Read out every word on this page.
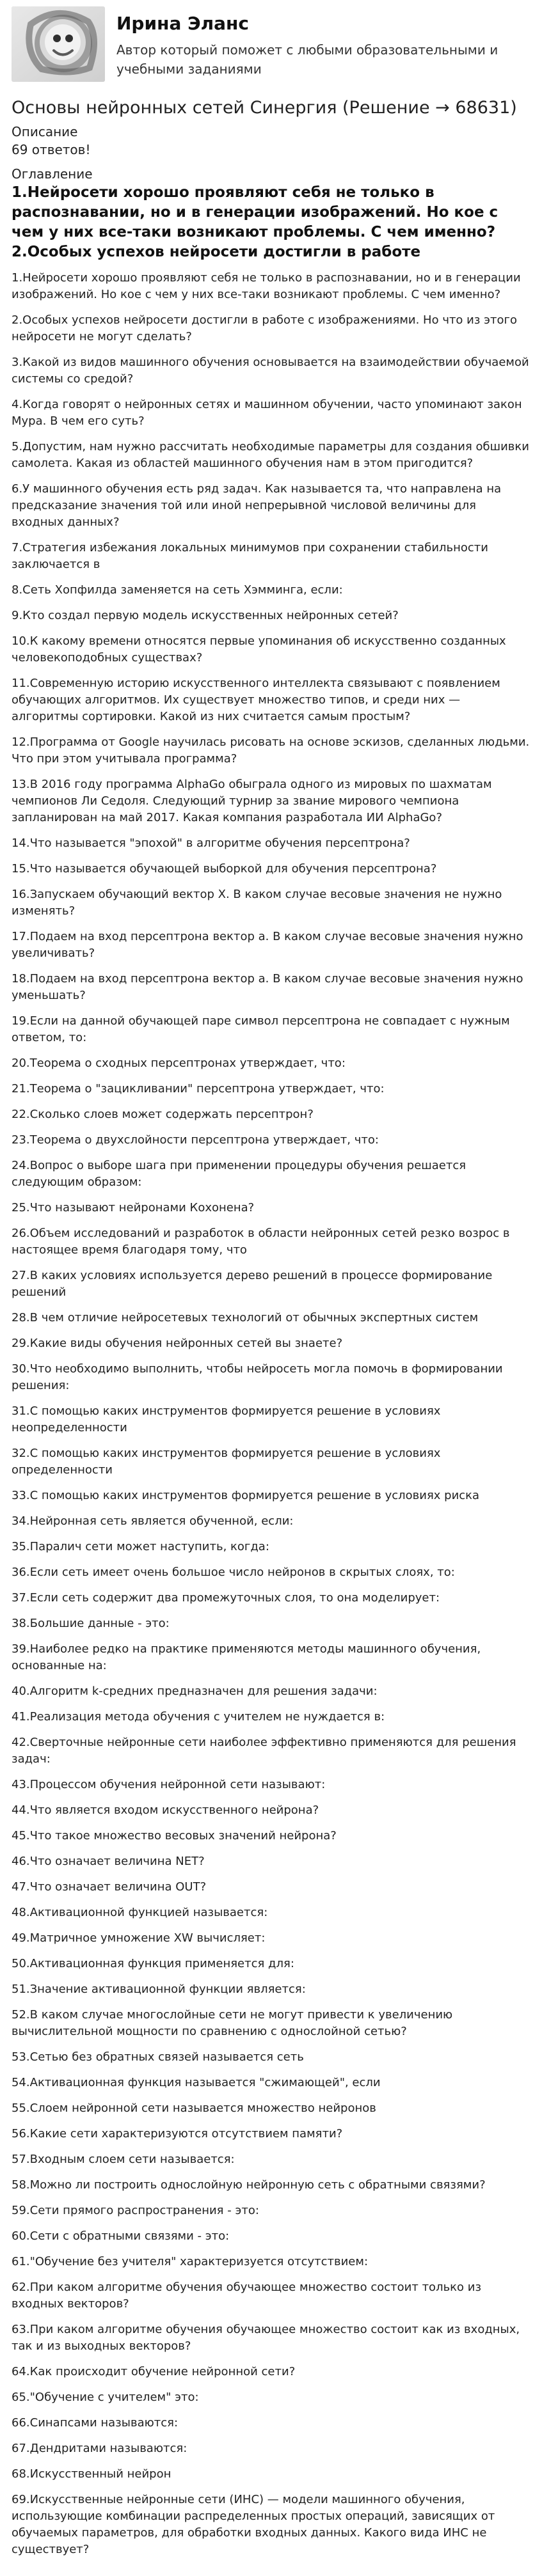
Ирина Эланс
Автор который поможет с любыми образовательными и учебными заданиями
Основы нейронных сетей Синергия (Решение → 68631)
Описание
69 ответов!
Оглавление
1.Нейросети хорошо проявляют себя не только в распознавании, но и в генерации изображений. Но кое с чем у них все-таки возникают проблемы. С чем именно?2.Особых успехов нейросети достигли в работе
1.Нейросети хорошо проявляют себя не только в распознавании, но и в генерации изображений. Но кое с чем у них все-таки возникают проблемы. С чем именно?
2.Особых успехов нейросети достигли в работе с изображениями. Но что из этого нейросети не могут сделать?
3.Какой из видов машинного обучения основывается на взаимодействии обучаемой системы со средой?
4.Когда говорят о нейронных сетях и машинном обучении, часто упоминают закон Мура. В чем его суть?
5.Допустим, нам нужно рассчитать необходимые параметры для создания обшивки самолета. Какая из областей машинного обучения нам в этом пригодится?
6.У машинного обучения есть ряд задач. Как называется та, что направлена на предсказание значения той или иной непрерывной числовой величины для входных данных?
7.Стратегия избежания локальных минимумов при сохранении стабильности заключается в
8.Сеть Хопфилда заменяется на сеть Хэмминга, если:
9.Кто создал первую модель искусственных нейронных сетей?
10.К какому времени относятся первые упоминания об искусственно созданных человекоподобных существах?
11.Современную историю искусственного интеллекта связывают с появлением обучающих алгоритмов. Их существует множество типов, и среди них — алгоритмы сортировки. Какой из них считается самым простым?
12.Программа от Google научилась рисовать на основе эскизов, сделанных людьми. Что при этом учитывала программа?
13.В 2016 году программа AlphaGo обыграла одного из мировых по шахматам чемпионов Ли Седоля. Следующий турнир за звание мирового чемпиона запланирован на май 2017. Какая компания разработала ИИ AlphaGo?
14.Что называется "эпохой" в алгоритме обучения персептрона?
15.Что называется обучающей выборкой для обучения персептрона?
16.Запускаем обучающий вектор X. В каком случае весовые значения не нужно изменять?
17.Подаем на вход персептрона вектор a. В каком случае весовые значения нужно увеличивать?
18.Подаем на вход персептрона вектор a. В каком случае весовые значения нужно уменьшать?
19.Если на данной обучающей паре символ персептрона не совпадает с нужным ответом, то:
20.Теорема о сходных персептронах утверждает, что:
21.Теорема о "зацикливании" персептрона утверждает, что:
22.Сколько слоев может содержать персептрон?
23.Теорема о двухслойности персептрона утверждает, что:
24.Вопрос о выборе шага при применении процедуры обучения решается следующим образом:
25.Что называют нейронами Кохонена?
26.Объем исследований и разработок в области нейронных сетей резко возрос в настоящее время благодаря тому, что
27.В каких условиях используется дерево решений в процессе формирование решений
28.В чем отличие нейросетевых технологий от обычных экспертных систем
29.Какие виды обучения нейронных сетей вы знаете?
30.Что необходимо выполнить, чтобы нейросеть могла помочь в формировании решения:
31.С помощью каких инструментов формируется решение в условиях неопределенности
32.С помощью каких инструментов формируется решение в условиях определенности
33.С помощью каких инструментов формируется решение в условиях риска
34.Нейронная сеть является обученной, если:
35.Паралич сети может наступить, когда:
36.Если сеть имеет очень большое число нейронов в скрытых слоях, то:
37.Если сеть содержит два промежуточных слоя, то она моделирует:
38.Большие данные - это:
39.Наиболее редко на практике применяются методы машинного обучения, основанные на:
40.Алгоритм k-средних предназначен для решения задачи:
41.Реализация метода обучения с учителем не нуждается в:
42.Сверточные нейронные сети наиболее эффективно применяются для решения задач:
43.Процессом обучения нейронной сети называют:
44.Что является входом искусственного нейрона?
45.Что такое множество весовых значений нейрона?
46.Что означает величина NET?
47.Что означает величина OUT?
48.Активационной функцией называется:
49.Матричное умножение XW вычисляет:
50.Активационная функция применяется для:
51.Значение активационной функции является:
52.В каком случае многослойные сети не могут привести к увеличению вычислительной мощности по сравнению с однослойной сетью?
53.Сетью без обратных связей называется сеть
54.Активационная функция называется "сжимающей", если
55.Слоем нейронной сети называется множество нейронов
56.Какие сети характеризуются отсутствием памяти?
57.Входным слоем сети называется:
58.Можно ли построить однослойную нейронную сеть с обратными связями?
59.Сети прямого распространения - это:
60.Сети с обратными связями - это:
61."Обучение без учителя" характеризуется отсутствием:
62.При каком алгоритме обучения обучающее множество состоит только из входных векторов?
63.При каком алгоритме обучения обучающее множество состоит как из входных, так и из выходных векторов?
64.Как происходит обучение нейронной сети?
65."Обучение с учителем" это:
66.Синапсами называются:
67.Дендритами называются:
68.Искусственный нейрон
69.Искусственные нейронные сети (ИНС) — модели машинного обучения, использующие комбинации распределенных простых операций, зависящих от обучаемых параметров, для обработки входных данных. Какого вида ИНС не существует?
